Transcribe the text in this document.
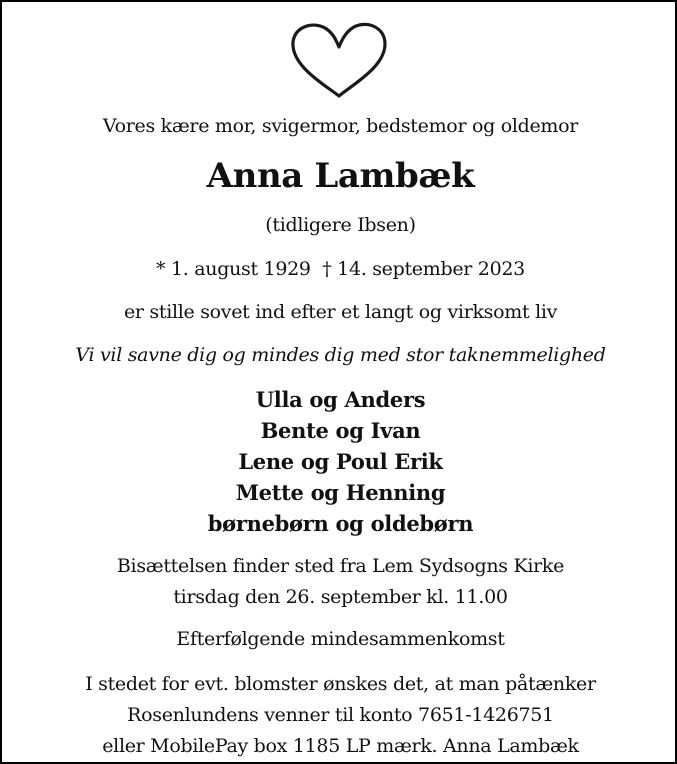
Vores kære mor, svigermor, bedstemor og oldemor
Anna Lambæk
(tidligere Ibsen)
* 1. august 1929 † 14. september 2023
er stille sovet ind efter et langt og virksomt liv
Vi vil savne dig og mindes dig med stor taknemmelighed
Ulla og Anders
Bente og Ivan
Lene og Poul Erik
Mette og Henning
børnebørn og oldebørn
Bisættelsen finder sted fra Lem Sydsogns Kirke
tirsdag den 26. september kl. 11.00
Efterfølgende mindesammenkomst
I stedet for evt. blomster ønskes det, at man påtænker
Rosenlundens venner til konto 7651-1426751
eller MobilePay box 1185 LP mærk. Anna Lambæk
